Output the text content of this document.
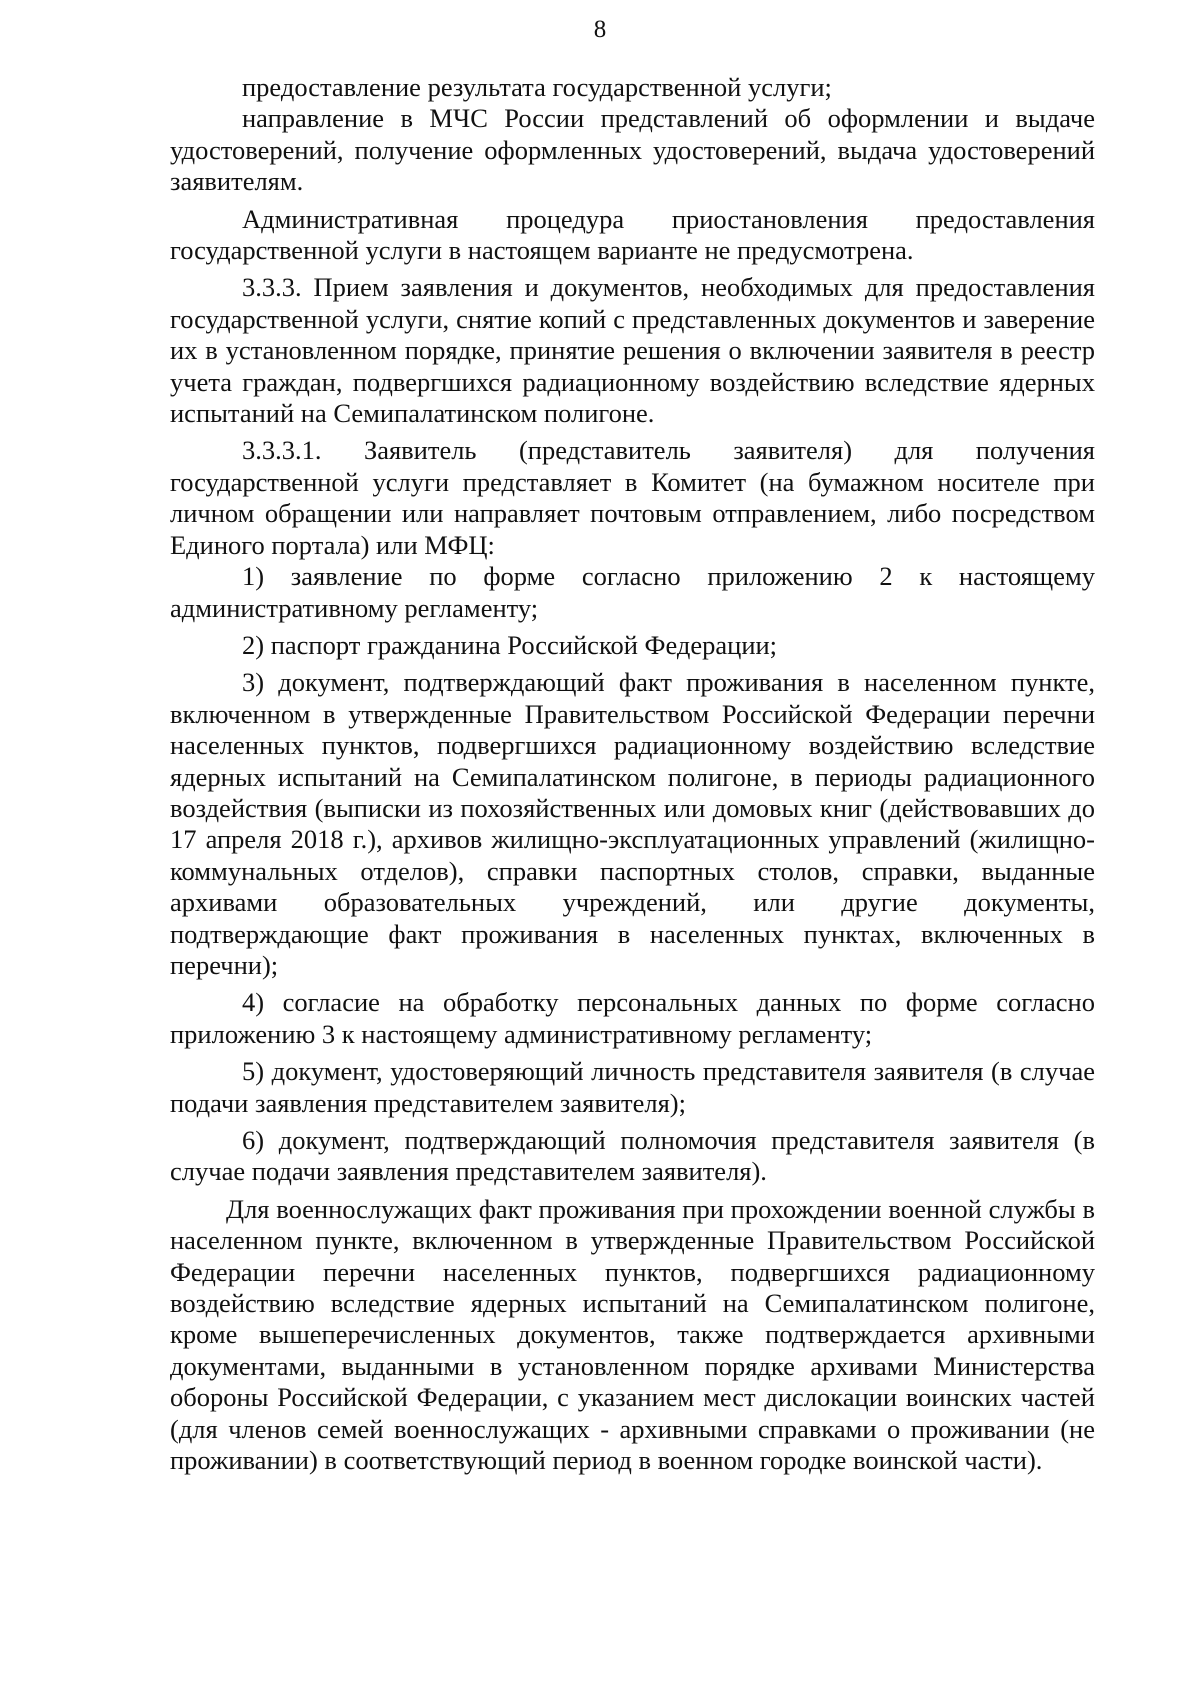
8

предоставление результата государственной услуги;

направление в МЧС России представлений об оформлении и выдаче удостоверений, получение оформленных удостоверений, выдача удостоверений заявителям.

Административная процедура приостановления предоставления государственной услуги в настоящем варианте не предусмотрена.

3.3.3. Прием заявления и документов, необходимых для предоставления государственной услуги, снятие копий с представленных документов и заверение их в установленном порядке, принятие решения о включении заявителя в реестр учета граждан, подвергшихся радиационному воздействию вследствие ядерных испытаний на Семипалатинском полигоне.

3.3.3.1. Заявитель (представитель заявителя) для получения государственной услуги представляет в Комитет (на бумажном носителе при личном обращении или направляет почтовым отправлением, либо посредством Единого портала) или МФЦ:

1) заявление по форме согласно приложению 2 к настоящему административному регламенту;

2) паспорт гражданина Российской Федерации;

3) документ, подтверждающий факт проживания в населенном пункте, включенном в утвержденные Правительством Российской Федерации перечни населенных пунктов, подвергшихся радиационному воздействию вследствие ядерных испытаний на Семипалатинском полигоне, в периоды радиационного воздействия (выписки из похозяйственных или домовых книг (действовавших до 17 апреля 2018 г.), архивов жилищно-эксплуатационных управлений (жилищно-коммунальных отделов), справки паспортных столов, справки, выданные архивами образовательных учреждений, или другие документы, подтверждающие факт проживания в населенных пунктах, включенных в перечни);

4) согласие на обработку персональных данных по форме согласно приложению 3 к настоящему административному регламенту;

5) документ, удостоверяющий личность представителя заявителя (в случае подачи заявления представителем заявителя);

6) документ, подтверждающий полномочия представителя заявителя (в случае подачи заявления представителем заявителя).

Для военнослужащих факт проживания при прохождении военной службы в населенном пункте, включенном в утвержденные Правительством Российской Федерации перечни населенных пунктов, подвергшихся радиационному воздействию вследствие ядерных испытаний на Семипалатинском полигоне, кроме вышеперечисленных документов, также подтверждается архивными документами, выданными в установленном порядке архивами Министерства обороны Российской Федерации, с указанием мест дислокации воинских частей (для членов семей военнослужащих - архивными справками о проживании (не проживании) в соответствующий период в военном городке воинской части).
